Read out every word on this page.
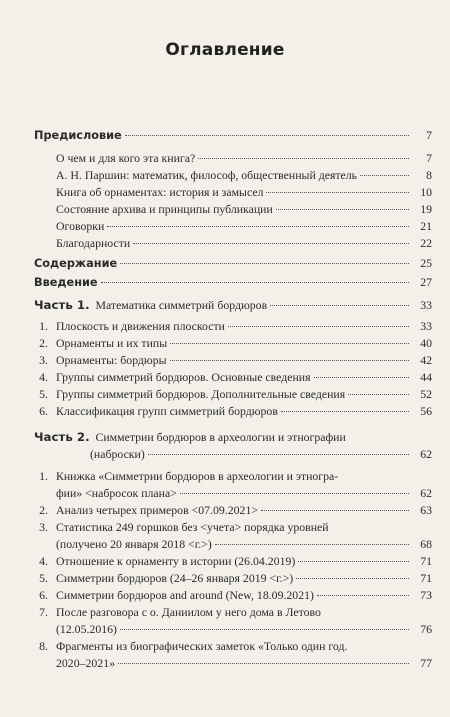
Оглавление
Предисловие	7
О чем и для кого эта книга?	7
А. Н. Паршин: математик, философ, общественный деятель	8
Книга об орнаментах: история и замысел	10
Состояние архива и принципы публикации	19
Оговорки	21
Благодарности	22
Содержание	25
Введение	27
Часть 1. Математика симметрий бордюров	33
1. Плоскость и движения плоскости	33
2. Орнаменты и их типы	40
3. Орнаменты: бордюры	42
4. Группы симметрий бордюров. Основные сведения	44
5. Группы симметрий бордюров. Дополнительные сведения	52
6. Классификация групп симметрий бордюров	56
Часть 2. Симметрии бордюров в археологии и этнографии
(наброски)	62
1. Книжка «Симметрии бордюров в археологии и этногра-
фии» <набросок плана>	62
2. Анализ четырех примеров <07.09.2021>	63
3. Статистика 249 горшков без <учета> порядка уровней
(получено 20 января 2018 <г.>)	68
4. Отношение к орнаменту в истории (26.04.2019)	71
5. Симметрии бордюров (24–26 января 2019 <г.>)	71
6. Симметрии бордюров and around (New, 18.09.2021)	73
7. После разговора с о. Даниилом у него дома в Летово
(12.05.2016)	76
8. Фрагменты из биографических заметок «Только один год.
2020–2021»	77
